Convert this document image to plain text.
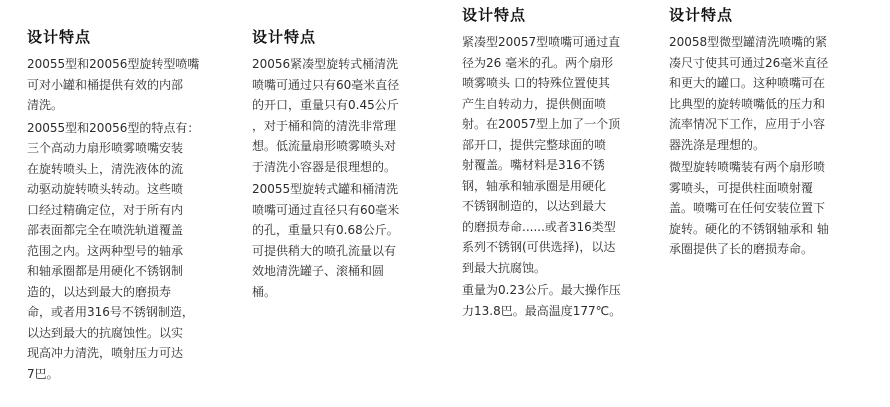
设计特点
20055型和20056型旋转型喷嘴
可对小罐和桶提供有效的内部
清洗。
20055型和20056型的特点有：
三个高动力扇形喷雾喷嘴安装
在旋转喷头上，清洗液体的流
动驱动旋转喷头转动。这些喷
口经过精确定位，对于所有内
部表面都完全在喷洗轨道覆盖
范围之内。这两种型号的轴承
和轴承圈都是用硬化不锈钢制
造的，以达到最大的磨损寿
命，或者用316号不锈钢制造，
以达到最大的抗腐蚀性。以实
现高冲力清洗，喷射压力可达
7巴。
设计特点
20056紧凑型旋转式桶清洗
喷嘴可通过只有60毫米直径
的开口，重量只有0.45公斤
，对于桶和筒的清洗非常理
想。低流量扇形喷雾喷头对
于清洗小容器是很理想的。
20055型旋转式罐和桶清洗
喷嘴可通过直径只有60毫米
的孔，重量只有0.68公斤。
可提供稍大的喷孔流量以有
效地清洗罐子、滚桶和圆
桶。
设计特点
紧凑型20057型喷嘴可通过直
径为26 毫米的孔。两个扇形
喷雾喷头 口的特殊位置使其
产生自转动力，提供侧面喷
射。在20057型上加了一个顶
部开口，提供完整球面的喷
射覆盖。嘴材料是316不锈
钢，轴承和轴承圈是用硬化
不锈钢制造的，以达到最大
的磨损寿命......或者316类型
系列不锈钢(可供选择)，以达
到最大抗腐蚀。
重量为0.23公斤。最大操作压
力13.8巴。最高温度177℃。
设计特点
20058型微型罐清洗喷嘴的紧
凑尺寸使其可通过26毫米直径
和更大的罐口。这种喷嘴可在
比典型的旋转喷嘴低的压力和
流率情况下工作，应用于小容
器洗涤是理想的。
微型旋转喷嘴装有两个扇形喷
雾喷头，可提供柱面喷射覆
盖。喷嘴可在任何安装位置下
旋转。硬化的不锈钢轴承和 轴
承圈提供了长的磨损寿命。
